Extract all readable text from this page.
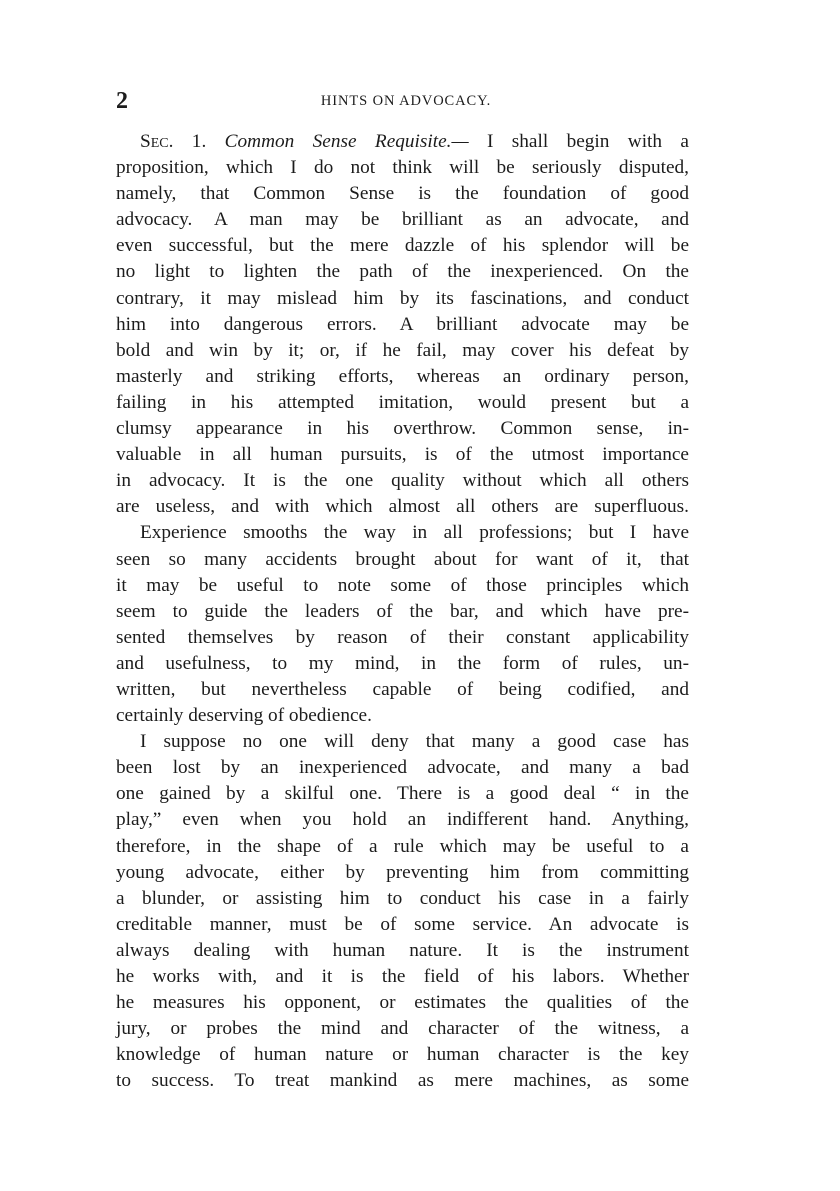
2	HINTS ON ADVOCACY.
Sec. 1. Common Sense Requisite.— I shall begin with a
proposition, which I do not think will be seriously disputed,
namely, that Common Sense is the foundation of good
advocacy. A man may be brilliant as an advocate, and
even successful, but the mere dazzle of his splendor will be
no light to lighten the path of the inexperienced. On the
contrary, it may mislead him by its fascinations, and conduct
him into dangerous errors. A brilliant advocate may be
bold and win by it; or, if he fail, may cover his defeat by
masterly and striking efforts, whereas an ordinary person,
failing in his attempted imitation, would present but a
clumsy appearance in his overthrow. Common sense, in-
valuable in all human pursuits, is of the utmost importance
in advocacy. It is the one quality without which all others
are useless, and with which almost all others are superfluous.
Experience smooths the way in all professions; but I have
seen so many accidents brought about for want of it, that
it may be useful to note some of those principles which
seem to guide the leaders of the bar, and which have pre-
sented themselves by reason of their constant applicability
and usefulness, to my mind, in the form of rules, un-
written, but nevertheless capable of being codified, and
certainly deserving of obedience.
I suppose no one will deny that many a good case has
been lost by an inexperienced advocate, and many a bad
one gained by a skilful one. There is a good deal “ in the
play,” even when you hold an indifferent hand. Anything,
therefore, in the shape of a rule which may be useful to a
young advocate, either by preventing him from committing
a blunder, or assisting him to conduct his case in a fairly
creditable manner, must be of some service. An advocate is
always dealing with human nature. It is the instrument
he works with, and it is the field of his labors. Whether
he measures his opponent, or estimates the qualities of the
jury, or probes the mind and character of the witness, a
knowledge of human nature or human character is the key
to success. To treat mankind as mere machines, as some
